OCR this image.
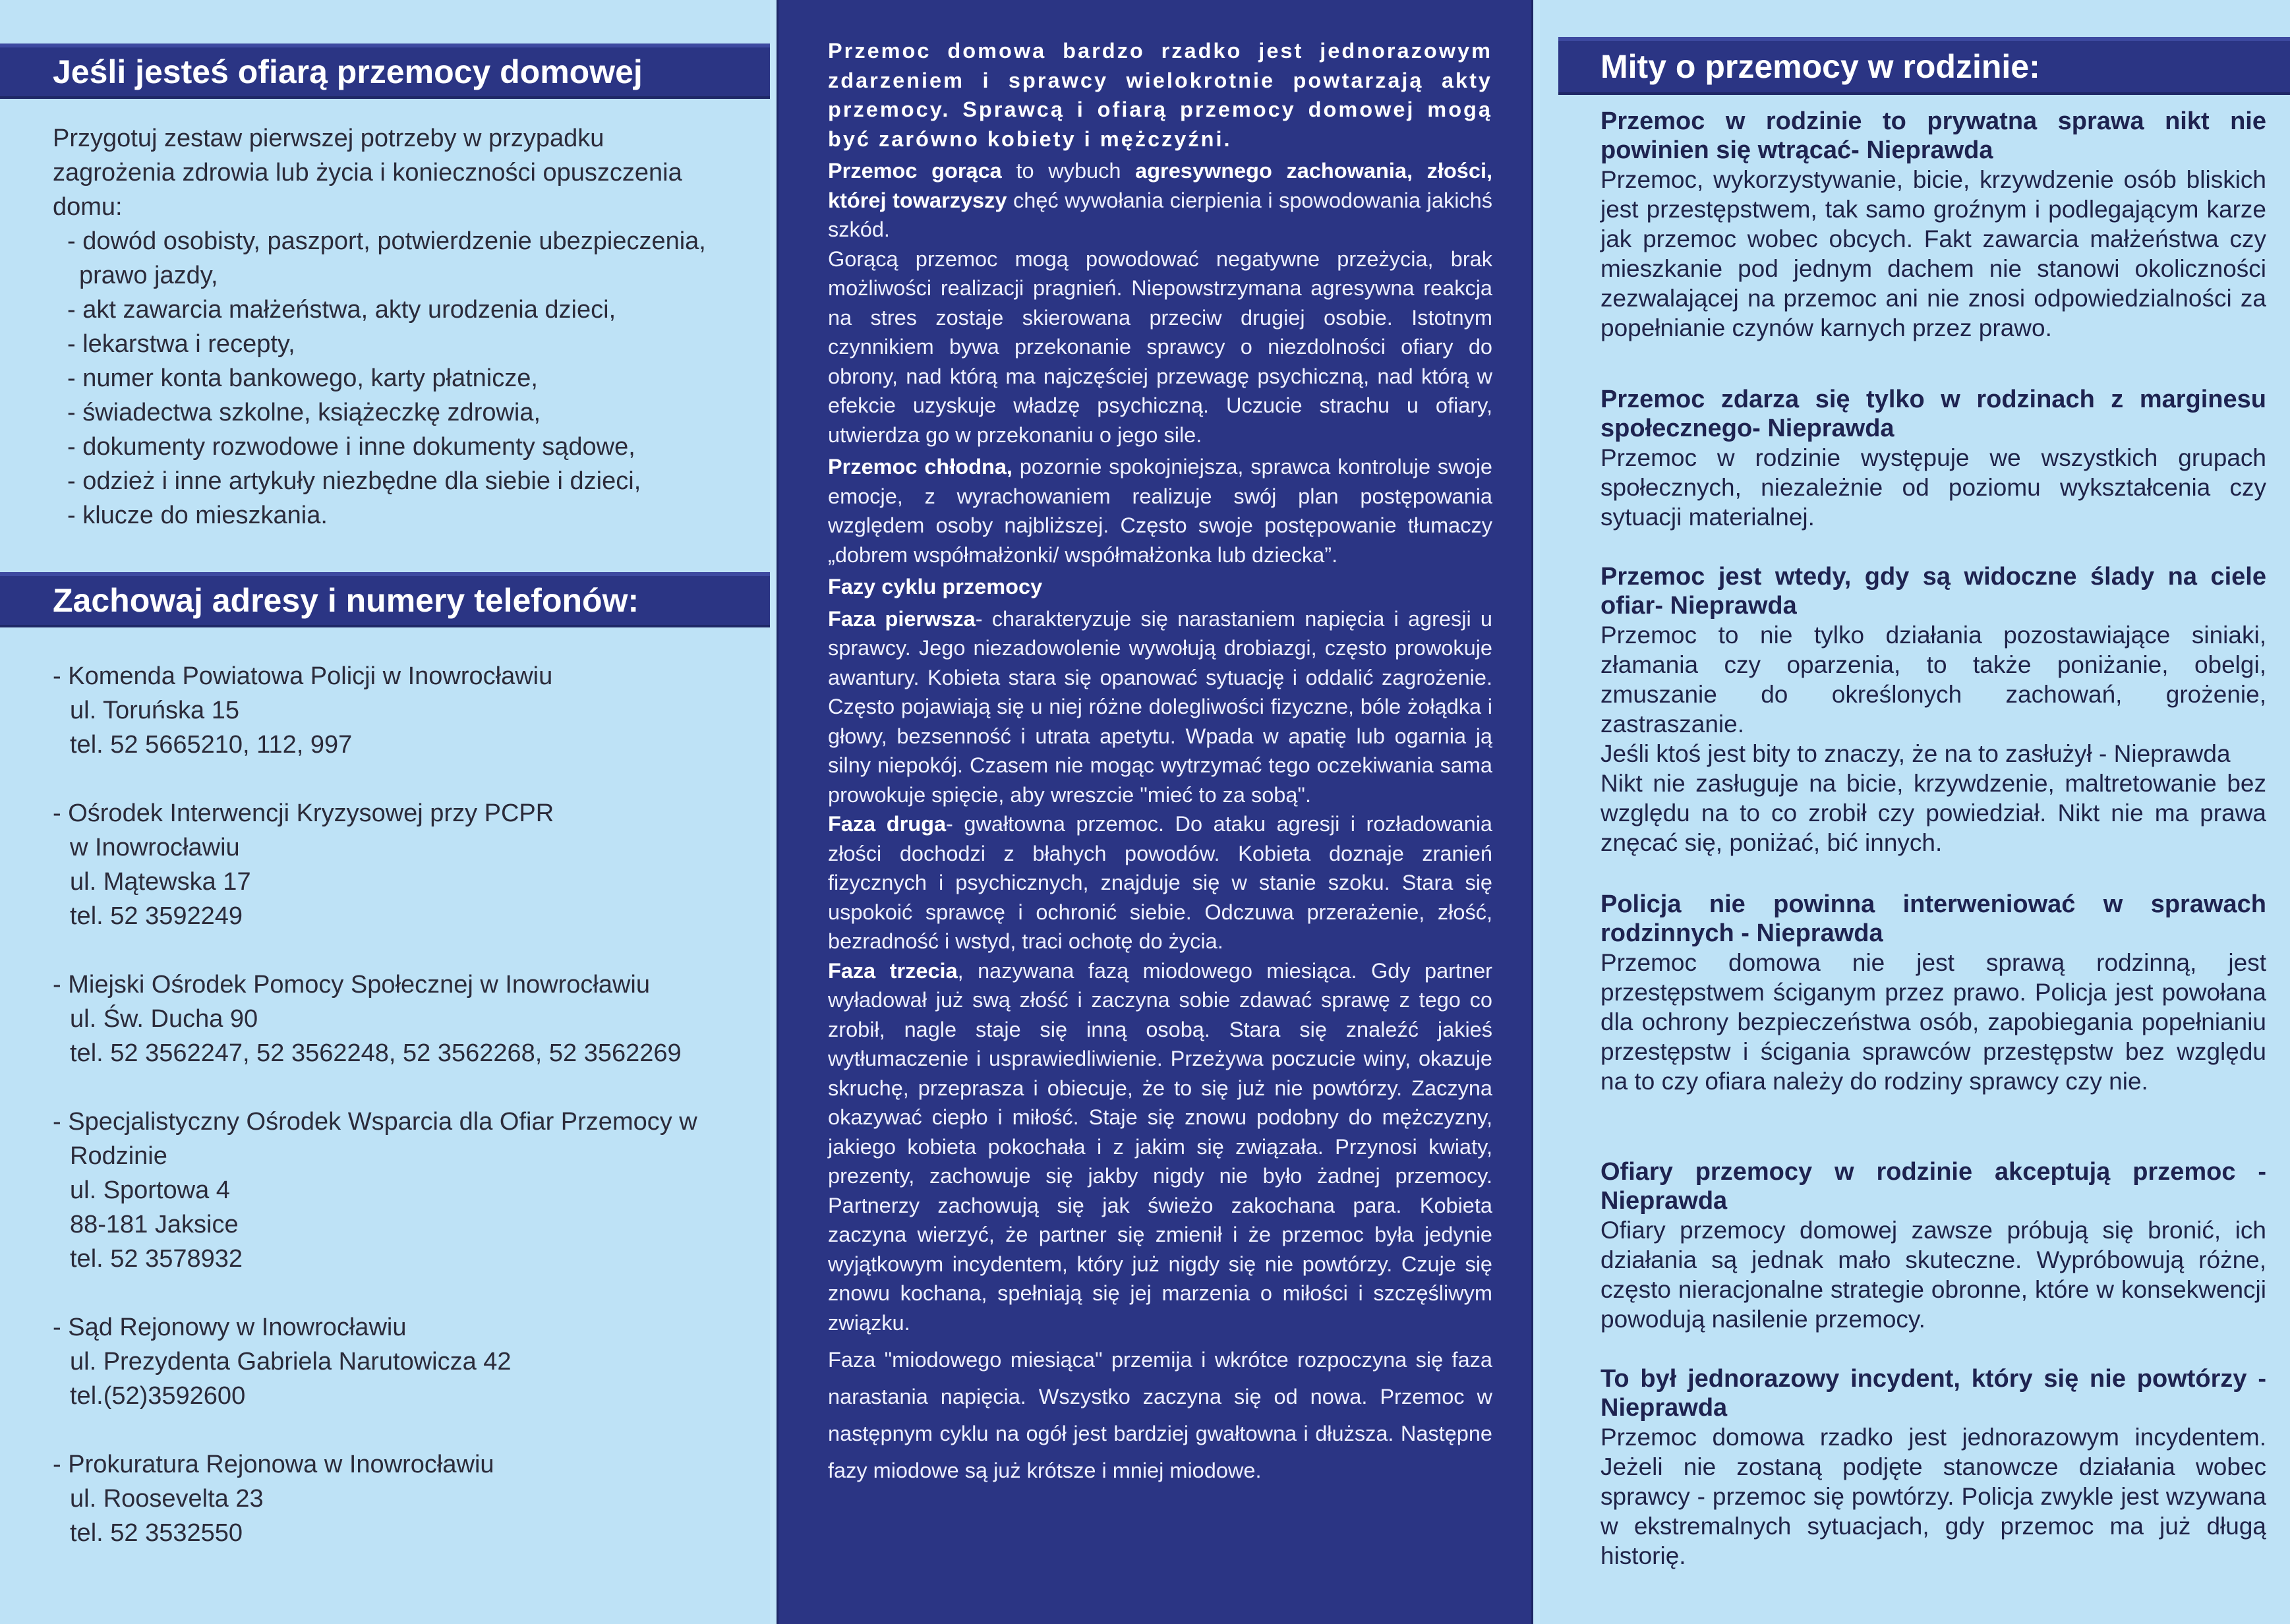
Jeśli jesteś ofiarą przemocy domowej
Przygotuj zestaw pierwszej potrzeby w przypadku zagrożenia zdrowia lub życia i konieczności opuszczenia domu:
- dowód osobisty, paszport, potwierdzenie ubezpieczenia, prawo jazdy,
- akt zawarcia małżeństwa, akty urodzenia dzieci,
- lekarstwa i recepty,
- numer konta bankowego, karty płatnicze,
- świadectwa szkolne, książeczkę zdrowia,
- dokumenty rozwodowe i inne dokumenty sądowe,
- odzież i inne artykuły niezbędne dla siebie i dzieci,
- klucze do mieszkania.
Zachowaj adresy i numery telefonów:
- Komenda Powiatowa Policji w Inowrocławiu
ul. Toruńska 15
tel. 52 5665210, 112, 997
- Ośrodek Interwencji Kryzysowej przy PCPR
w Inowrocławiu
ul. Mątewska 17
tel. 52 3592249
- Miejski Ośrodek Pomocy Społecznej w Inowrocławiu
ul. Św. Ducha 90
tel. 52 3562247, 52 3562248, 52 3562268, 52 3562269
- Specjalistyczny Ośrodek Wsparcia dla Ofiar Przemocy w
Rodzinie
ul. Sportowa 4
88-181 Jaksice
tel. 52 3578932
- Sąd Rejonowy w Inowrocławiu
ul. Prezydenta Gabriela Narutowicza 42
tel.(52)3592600
- Prokuratura Rejonowa w Inowrocławiu
ul. Roosevelta 23
tel. 52 3532550

Przemoc domowa bardzo rzadko jest jednorazowym zdarzeniem i sprawcy wielokrotnie powtarzają akty przemocy. Sprawcą i ofiarą przemocy domowej mogą być zarówno kobiety i mężczyźni.

Przemoc gorąca to wybuch agresywnego zachowania, złości, której towarzyszy chęć wywołania cierpienia i spowodowania jakichś szkód.

Gorącą przemoc mogą powodować negatywne przeżycia, brak możliwości realizacji pragnień. Niepowstrzymana agresywna reakcja na stres zostaje skierowana przeciw drugiej osobie. Istotnym czynnikiem bywa przekonanie sprawcy o niezdolności ofiary do obrony, nad którą ma najczęściej przewagę psychiczną, nad którą w efekcie uzyskuje władzę psychiczną. Uczucie strachu u ofiary, utwierdza go w przekonaniu o jego sile.

Przemoc chłodna, pozornie spokojniejsza, sprawca kontroluje swoje emocje, z wyrachowaniem realizuje swój plan postępowania względem osoby najbliższej. Często swoje postępowanie tłumaczy „dobrem współmałżonki/ współmałżonka lub dziecka”.

Fazy cyklu przemocy

Faza pierwsza- charakteryzuje się narastaniem napięcia i agresji u sprawcy. Jego niezadowolenie wywołują drobiazgi, często prowokuje awantury. Kobieta stara się opanować sytuację i oddalić zagrożenie. Często pojawiają się u niej różne dolegliwości fizyczne, bóle żołądka i głowy, bezsenność i utrata apetytu. Wpada w apatię lub ogarnia ją silny niepokój. Czasem nie mogąc wytrzymać tego oczekiwania sama prowokuje spięcie, aby wreszcie "mieć to za sobą".

Faza druga- gwałtowna przemoc. Do ataku agresji i rozładowania złości dochodzi z błahych powodów. Kobieta doznaje zranień fizycznych i psychicznych, znajduje się w stanie szoku. Stara się uspokoić sprawcę i ochronić siebie. Odczuwa przerażenie, złość, bezradność i wstyd, traci ochotę do życia.

Faza trzecia, nazywana fazą miodowego miesiąca. Gdy partner wyładował już swą złość i zaczyna sobie zdawać sprawę z tego co zrobił, nagle staje się inną osobą. Stara się znaleźć jakieś wytłumaczenie i usprawiedliwienie. Przeżywa poczucie winy, okazuje skruchę, przeprasza i obiecuje, że to się już nie powtórzy. Zaczyna okazywać ciepło i miłość. Staje się znowu podobny do mężczyzny, jakiego kobieta pokochała i z jakim się związała. Przynosi kwiaty, prezenty, zachowuje się jakby nigdy nie było żadnej przemocy. Partnerzy zachowują się jak świeżo zakochana para. Kobieta zaczyna wierzyć, że partner się zmienił i że przemoc była jedynie wyjątkowym incydentem, który już nigdy się nie powtórzy. Czuje się znowu kochana, spełniają się jej marzenia o miłości i szczęśliwym związku.

Faza "miodowego miesiąca" przemija i wkrótce rozpoczyna się faza narastania napięcia. Wszystko zaczyna się od nowa. Przemoc w następnym cyklu na ogół jest bardziej gwałtowna i dłuższa. Następne fazy miodowe są już krótsze i mniej miodowe.

Mity o przemocy w rodzinie:
Przemoc w rodzinie to prywatna sprawa nikt nie powinien się wtrącać- Nieprawda

Przemoc, wykorzystywanie, bicie, krzywdzenie osób bliskich jest przestępstwem, tak samo groźnym i podlegającym karze jak przemoc wobec obcych. Fakt zawarcia małżeństwa czy mieszkanie pod jednym dachem nie stanowi okoliczności zezwalającej na przemoc ani nie znosi odpowiedzialności za popełnianie czynów karnych przez prawo.

Przemoc zdarza się tylko w rodzinach z marginesu społecznego- Nieprawda

Przemoc w rodzinie występuje we wszystkich grupach społecznych, niezależnie od poziomu wykształcenia czy sytuacji materialnej.

Przemoc jest wtedy, gdy są widoczne ślady na ciele ofiar- Nieprawda

Przemoc to nie tylko działania pozostawiające siniaki, złamania czy oparzenia, to także poniżanie, obelgi, zmuszanie do określonych zachowań, grożenie, zastraszanie.

Jeśli ktoś jest bity to znaczy, że na to zasłużył - Nieprawda

Nikt nie zasługuje na bicie, krzywdzenie, maltretowanie bez względu na to co zrobił czy powiedział. Nikt nie ma prawa znęcać się, poniżać, bić innych.

Policja nie powinna interweniować w sprawach rodzinnych - Nieprawda

Przemoc domowa nie jest sprawą rodzinną, jest przestępstwem ściganym przez prawo. Policja jest powołana dla ochrony bezpieczeństwa osób, zapobiegania popełnianiu przestępstw i ścigania sprawców przestępstw bez względu na to czy ofiara należy do rodziny sprawcy czy nie.

Ofiary przemocy w rodzinie akceptują przemoc - Nieprawda

Ofiary przemocy domowej zawsze próbują się bronić, ich działania są jednak mało skuteczne. Wypróbowują różne, często nieracjonalne strategie obronne, które w konsekwencji powodują nasilenie przemocy.

To był jednorazowy incydent, który się nie powtórzy - Nieprawda

Przemoc domowa rzadko jest jednorazowym incydentem. Jeżeli nie zostaną podjęte stanowcze działania wobec sprawcy - przemoc się powtórzy. Policja zwykle jest wzywana w ekstremalnych sytuacjach, gdy przemoc ma już długą historię.
